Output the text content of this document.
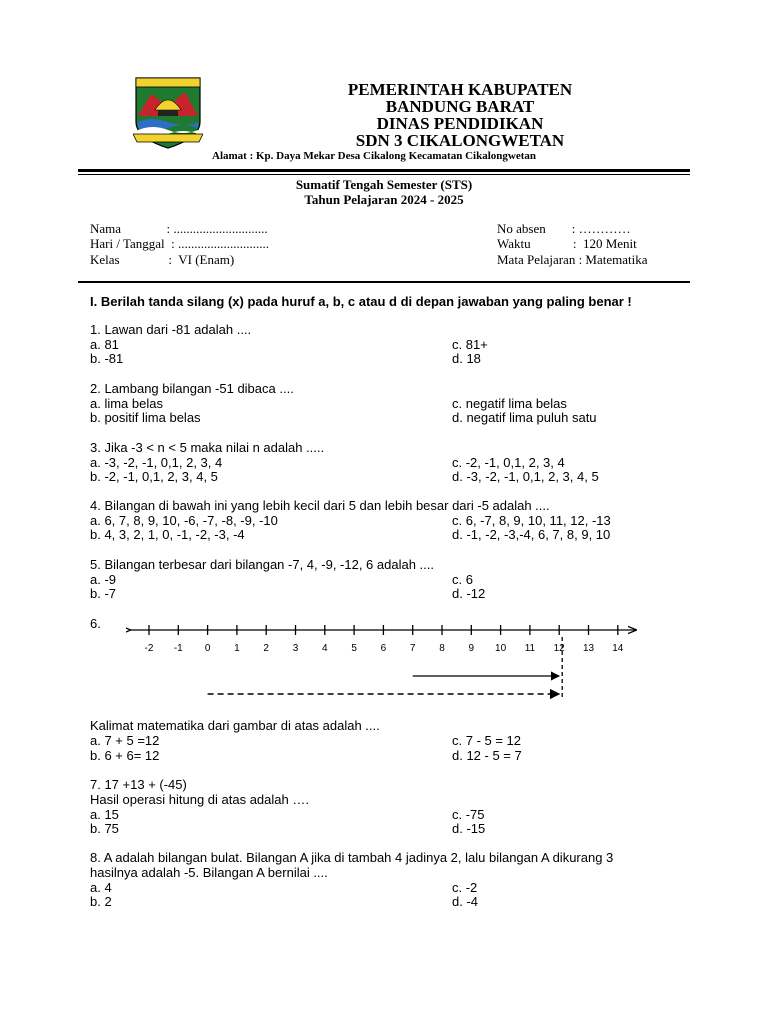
PEMERINTAH KABUPATEN
BANDUNG BARAT
DINAS PENDIDIKAN
SDN 3 CIKALONGWETAN
Alamat : Kp. Daya Mekar Desa Cikalong Kecamatan Cikalongwetan
Sumatif Tengah Semester (STS)
Tahun Pelajaran 2024 - 2025
Nama              : .............................
Hari / Tanggal  : ............................
Kelas               :  VI (Enam)
No absen        : …………
Waktu             :  120 Menit
Mata Pelajaran : Matematika
I. Berilah tanda silang (x) pada huruf a, b, c atau d di depan jawaban yang paling benar !
1. Lawan dari -81 adalah ....
a. 81
b. -81
c. 81+
d. 18
2. Lambang bilangan -51 dibaca ....
a. lima belas
b. positif lima belas
c. negatif lima belas
d. negatif lima puluh satu
3. Jika -3 < n < 5 maka nilai n adalah .....
a. -3, -2, -1, 0,1, 2, 3, 4
b. -2, -1, 0,1, 2, 3, 4, 5
c. -2, -1, 0,1, 2, 3, 4
d. -3, -2, -1, 0,1, 2, 3, 4, 5
4. Bilangan di bawah ini yang lebih kecil dari 5 dan lebih besar dari -5 adalah ....
a. 6, 7, 8, 9, 10, -6, -7, -8, -9, -10
b. 4, 3, 2, 1, 0, -1, -2, -3, -4
c. 6, -7, 8, 9, 10, 11, 12, -13
d. -1, -2, -3,-4, 6, 7, 8, 9, 10
5. Bilangan terbesar dari bilangan -7, 4, -9, -12, 6 adalah ....
a. -9
b. -7
c. 6
d. -12
6.
-2 -1 0 1 2 3 4 5 6 7 8 9 10 11 12 13 14
Kalimat matematika dari gambar di atas adalah ....
a. 7 + 5 =12
b. 6 + 6= 12
c. 7 - 5 = 12
d. 12 - 5 = 7
7. 17 +13 + (-45)
Hasil operasi hitung di atas adalah ….
a. 15
b. 75
c. -75
d. -15
8. A adalah bilangan bulat. Bilangan A jika di tambah 4 jadinya 2, lalu bilangan A dikurang 3
hasilnya adalah -5. Bilangan A bernilai ....
a. 4
b. 2
c. -2
d. -4
